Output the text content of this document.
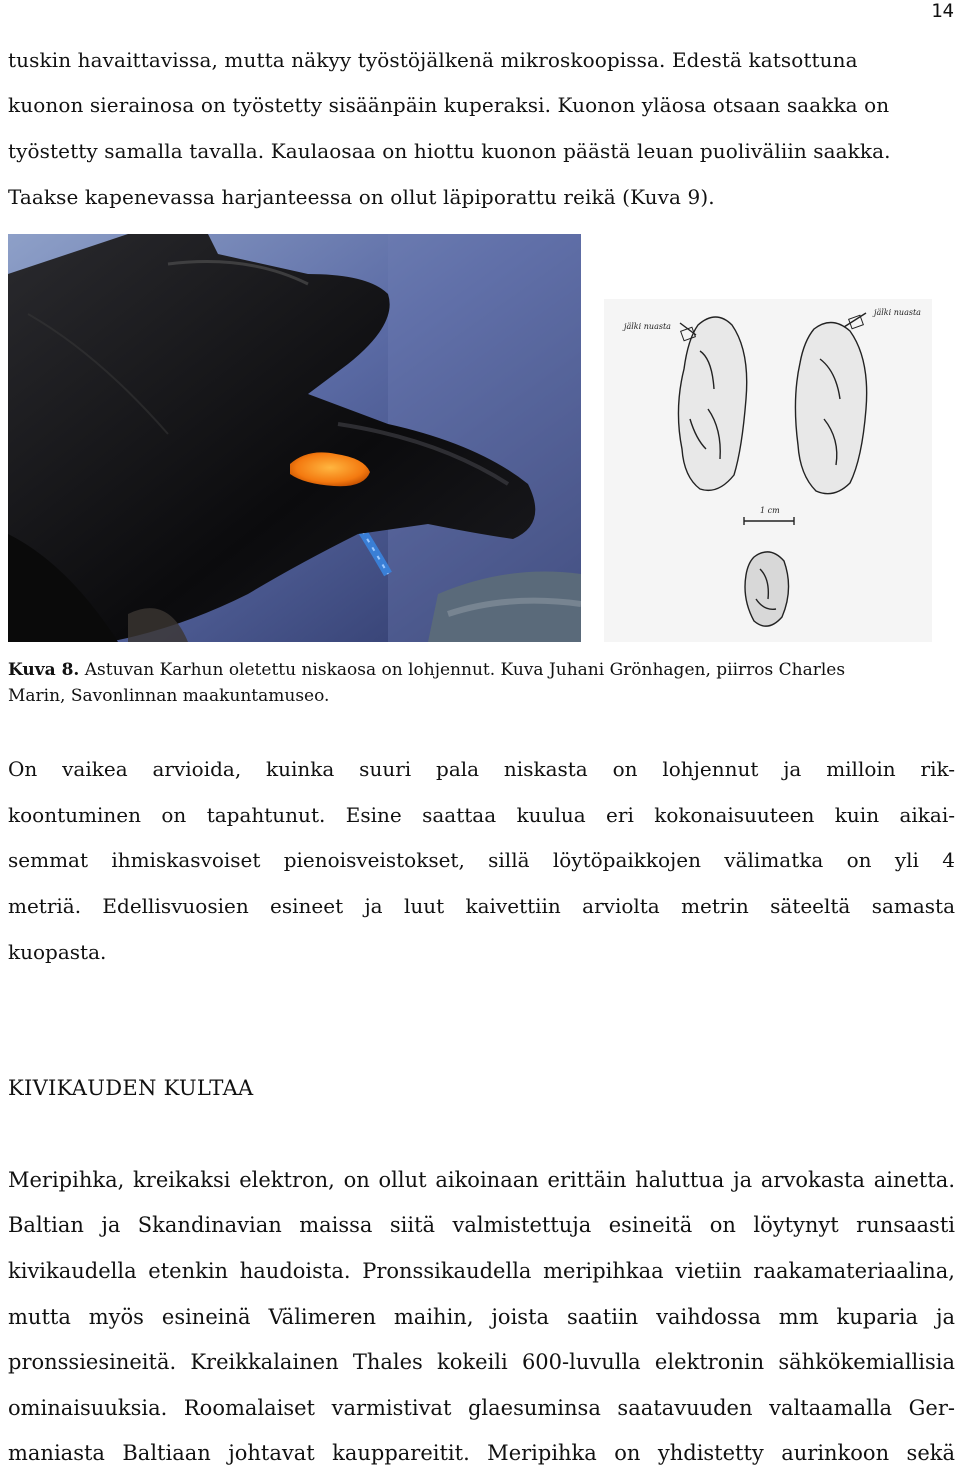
14
tuskin havaittavissa, mutta näkyy työstöjälkenä mikroskoopissa. Edestä katsottuna
kuonon sierainosa on työstetty sisäänpäin kuperaksi. Kuonon yläosa otsaan saakka on
työstetty samalla tavalla. Kaulaosaa on hiottu kuonon päästä leuan puoliväliin saakka.
Taakse kapenevassa harjanteessa on ollut läpiporattu reikä (Kuva 9).
jälki nuasta
jälki nuasta
1 cm
Kuva 8. Astuvan Karhun oletettu niskaosa on lohjennut. Kuva Juhani Grönhagen, piirros Charles
Marin, Savonlinnan maakuntamuseo.
On vaikea arvioida, kuinka suuri pala niskasta on lohjennut ja milloin rik-
koontuminen on tapahtunut. Esine saattaa kuulua eri kokonaisuuteen kuin aikai-
semmat ihmiskasvoiset pienoisveistokset, sillä löytöpaikkojen välimatka on yli 4
metriä. Edellisvuosien esineet ja luut kaivettiin arviolta metrin säteeltä samasta
kuopasta.
KIVIKAUDEN KULTAA
Meripihka, kreikaksi elektron, on ollut aikoinaan erittäin haluttua ja arvokasta ainetta.
Baltian ja Skandinavian maissa siitä valmistettuja esineitä on löytynyt runsaasti
kivikaudella etenkin haudoista. Pronssikaudella meripihkaa vietiin raakamateriaalina,
mutta myös esineinä Välimeren maihin, joista saatiin vaihdossa mm kuparia ja
pronssiesineitä. Kreikkalainen Thales kokeili 600-luvulla elektronin sähkökemiallisia
ominaisuuksia. Roomalaiset varmistivat glaesuminsa saatavuuden valtaamalla Ger-
maniasta Baltiaan johtavat kauppareitit. Meripihka on yhdistetty aurinkoon sekä
